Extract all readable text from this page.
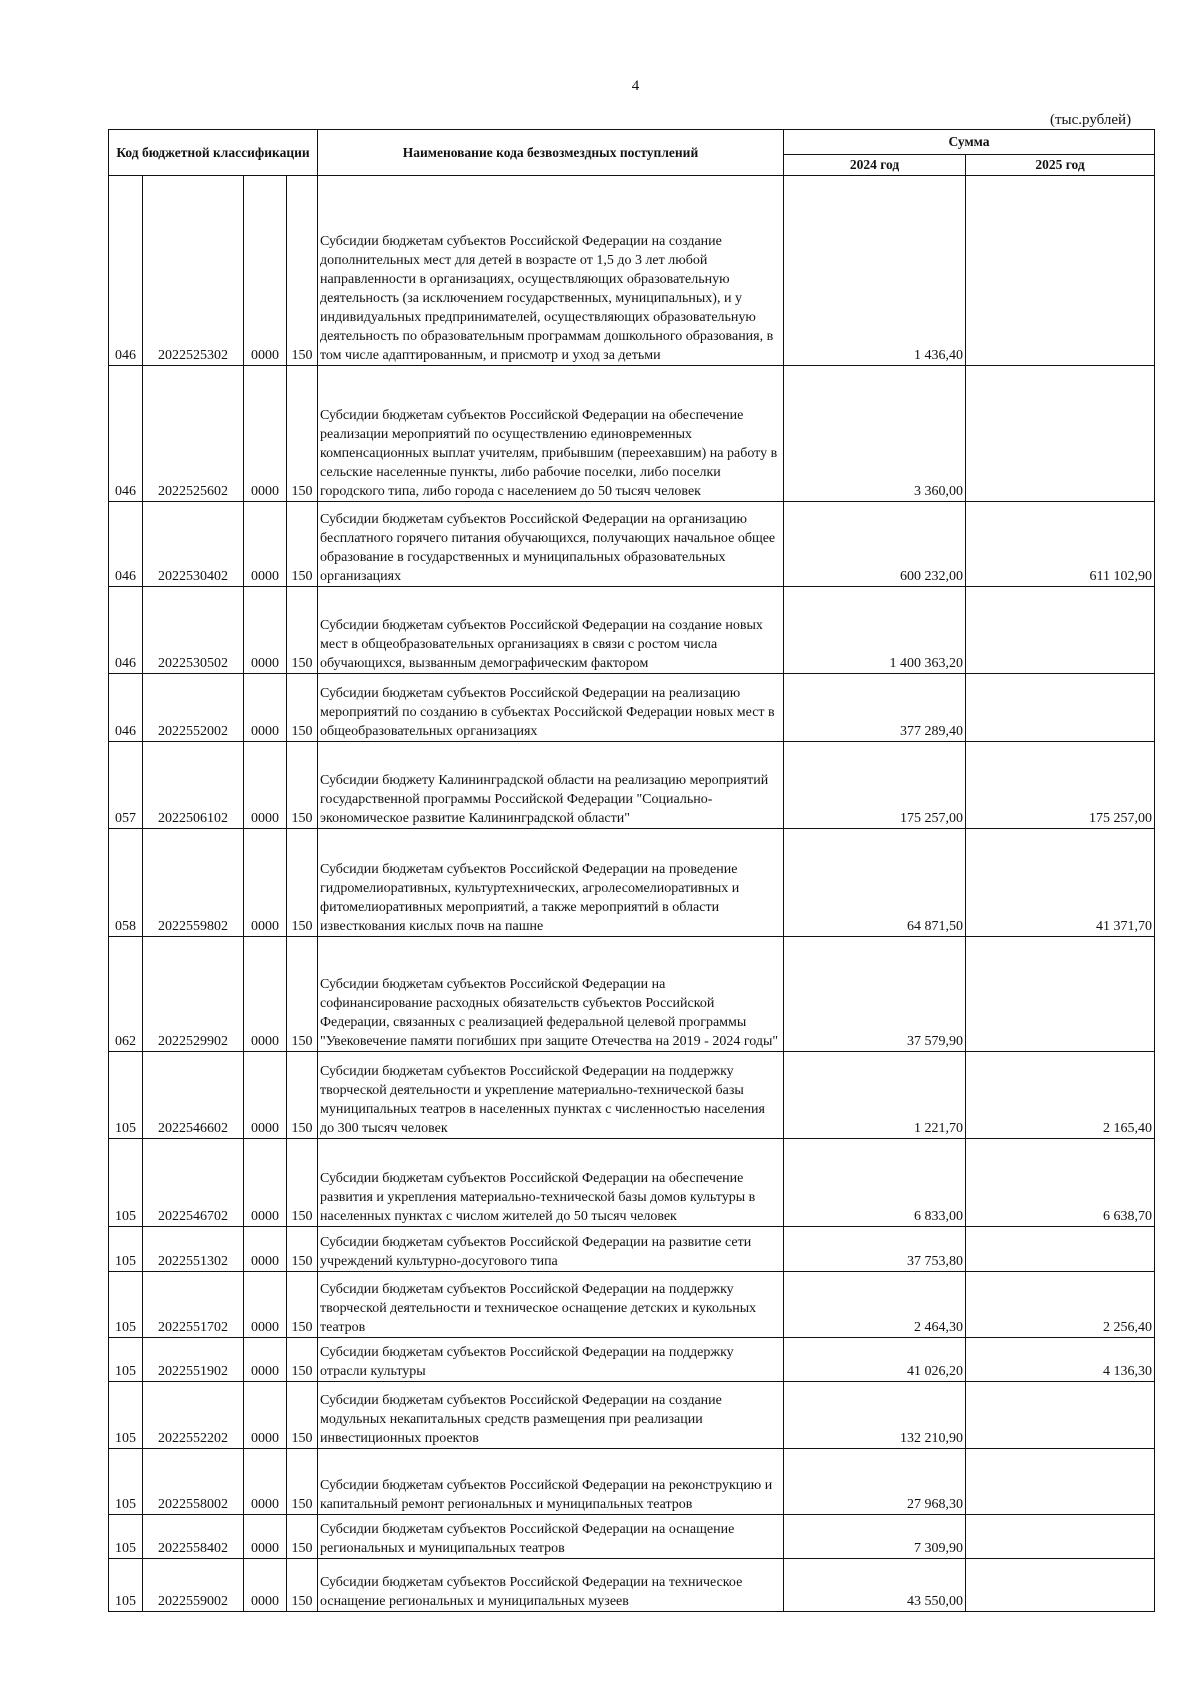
4
(тыс.рублей)
Код бюджетной классификации				Наименование кода безвозмездных поступлений	Сумма	
					2024 год	2025 год
046	2022525302	0000	150	Субсидии бюджетам субъектов Российской Федерации на создание дополнительных мест для детей в возрасте от 1,5 до 3 лет любой направленности в организациях, осуществляющих образовательную деятельность (за исключением государственных, муниципальных), и у индивидуальных предпринимателей, осуществляющих образовательную деятельность по образовательным программам дошкольного образования, в том числе адаптированным, и присмотр и уход за детьми	1 436,40	
046	2022525602	0000	150	Субсидии бюджетам субъектов Российской Федерации на обеспечение реализации мероприятий по осуществлению единовременных компенсационных выплат учителям, прибывшим (переехавшим) на работу в сельские населенные пункты, либо рабочие поселки, либо поселки городского типа, либо города с населением до 50 тысяч человек	3 360,00	
046	2022530402	0000	150	Субсидии бюджетам субъектов Российской Федерации на организацию бесплатного горячего питания обучающихся, получающих начальное общее образование в государственных и муниципальных образовательных организациях	600 232,00	611 102,90
046	2022530502	0000	150	Субсидии бюджетам субъектов Российской Федерации на создание новых мест в общеобразовательных организациях в связи с ростом числа обучающихся, вызванным демографическим фактором	1 400 363,20	
046	2022552002	0000	150	Субсидии бюджетам субъектов Российской Федерации на реализацию мероприятий по созданию в субъектах Российской Федерации новых мест в общеобразовательных организациях	377 289,40	
057	2022506102	0000	150	Субсидии бюджету Калининградской области на реализацию мероприятий государственной программы Российской Федерации "Социально-экономическое развитие Калининградской области"	175 257,00	175 257,00
058	2022559802	0000	150	Субсидии бюджетам субъектов Российской Федерации на проведение гидромелиоративных, культуртехнических, агролесомелиоративных и фитомелиоративных мероприятий, а также мероприятий в области известкования кислых почв на пашне	64 871,50	41 371,70
062	2022529902	0000	150	Субсидии бюджетам субъектов Российской Федерации на софинансирование расходных обязательств субъектов Российской Федерации, связанных с реализацией федеральной целевой программы "Увековечение памяти погибших при защите Отечества на 2019 - 2024 годы"	37 579,90	
105	2022546602	0000	150	Субсидии бюджетам субъектов Российской Федерации на поддержку творческой деятельности и укрепление материально-технической базы муниципальных театров в населенных пунктах с численностью населения до 300 тысяч человек	1 221,70	2 165,40
105	2022546702	0000	150	Субсидии бюджетам субъектов Российской Федерации на обеспечение развития и укрепления материально-технической базы домов культуры в населенных пунктах с числом жителей до 50 тысяч человек	6 833,00	6 638,70
105	2022551302	0000	150	Субсидии бюджетам субъектов Российской Федерации на развитие сети учреждений культурно-досугового типа	37 753,80	
105	2022551702	0000	150	Субсидии бюджетам субъектов Российской Федерации на поддержку творческой деятельности и техническое оснащение детских и кукольных театров	2 464,30	2 256,40
105	2022551902	0000	150	Субсидии бюджетам субъектов Российской Федерации на поддержку отрасли культуры	41 026,20	4 136,30
105	2022552202	0000	150	Субсидии бюджетам субъектов Российской Федерации на создание модульных некапитальных средств размещения при реализации инвестиционных проектов	132 210,90	
105	2022558002	0000	150	Субсидии бюджетам субъектов Российской Федерации на реконструкцию и капитальный ремонт региональных и муниципальных театров	27 968,30	
105	2022558402	0000	150	Субсидии бюджетам субъектов Российской Федерации на оснащение региональных и муниципальных театров	7 309,90	
105	2022559002	0000	150	Субсидии бюджетам субъектов Российской Федерации на техническое оснащение региональных и муниципальных музеев	43 550,00	
